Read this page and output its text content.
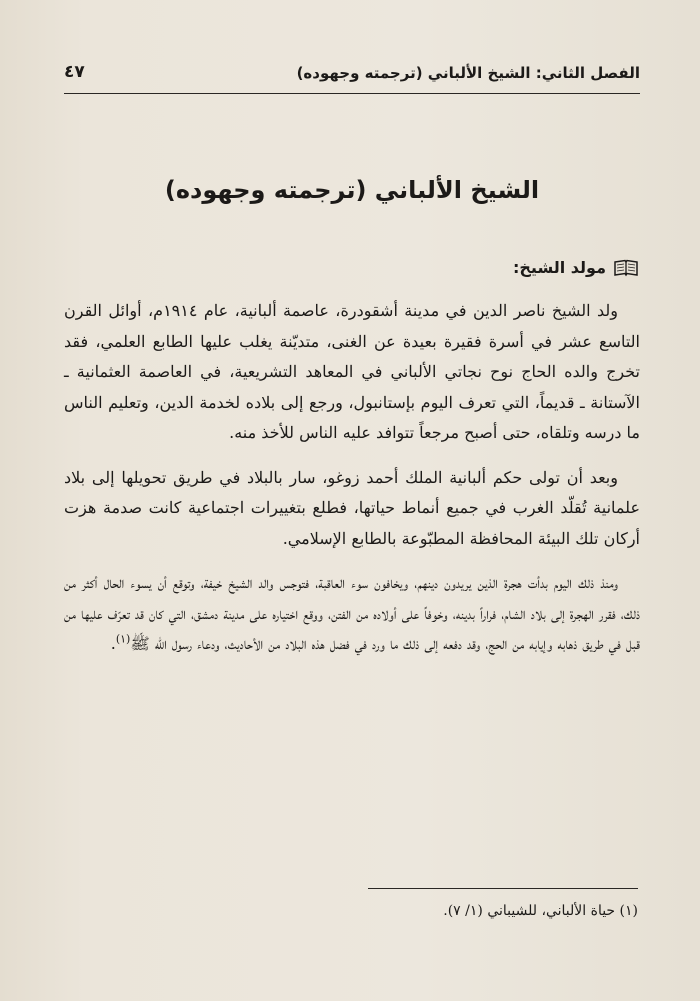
الفصل الثاني: الشيخ الألباني (ترجمته وجهوده)
٤٧
الشيخ الألباني (ترجمته وجهوده)
مولد الشيخ:

ولد الشيخ ناصر الدين في مدينة أشقودرة، عاصمة ألبانية، عام ١٩١٤م، أوائل القرن التاسع عشر في أسرة فقيرة بعيدة عن الغنى، متديّنة يغلب عليها الطابع العلمي، فقد تخرج والده الحاج نوح نجاتي الألباني في المعاهد التشريعية، في العاصمة العثمانية ـ الآستانة ـ قديماً، التي تعرف اليوم بإستانبول، ورجع إلى بلاده لخدمة الدين، وتعليم الناس ما درسه وتلقاه، حتى أصبح مرجعاً تتوافد عليه الناس للأخذ منه.

وبعد أن تولى حكم ألبانية الملك أحمد زوغو، سار بالبلاد في طريق تحويلها إلى بلاد علمانية تُقلّد الغرب في جميع أنماط حياتها، فطلع بتغييرات اجتماعية كانت صدمة هزت أركان تلك البيئة المحافظة المطبّوعة بالطابع الإسلامي.

ومنذ ذلك اليوم بدأت هجرة الذين يريدون دينهم، ويخافون سوء العاقبة، فتوجس والد الشيخ خيفة، وتوقع أن يسوء الحال أكثر من ذلك، فقرر الهجرة إلى بلاد الشام، فراراً بدينه، وخوفاً على أولاده من الفتن، ووقع اختياره على مدينة دمشق، التي كان قد تعرّف عليها من قبل في طريق ذهابه وإيابه من الحج، وقد دفعه إلى ذلك ما ورد في فضل هذه البلاد من الأحاديث، ودعاء رسول الله ﷺ$^{(١)}$.

(١) حياة الألباني، للشيباني (١/ ٧).
